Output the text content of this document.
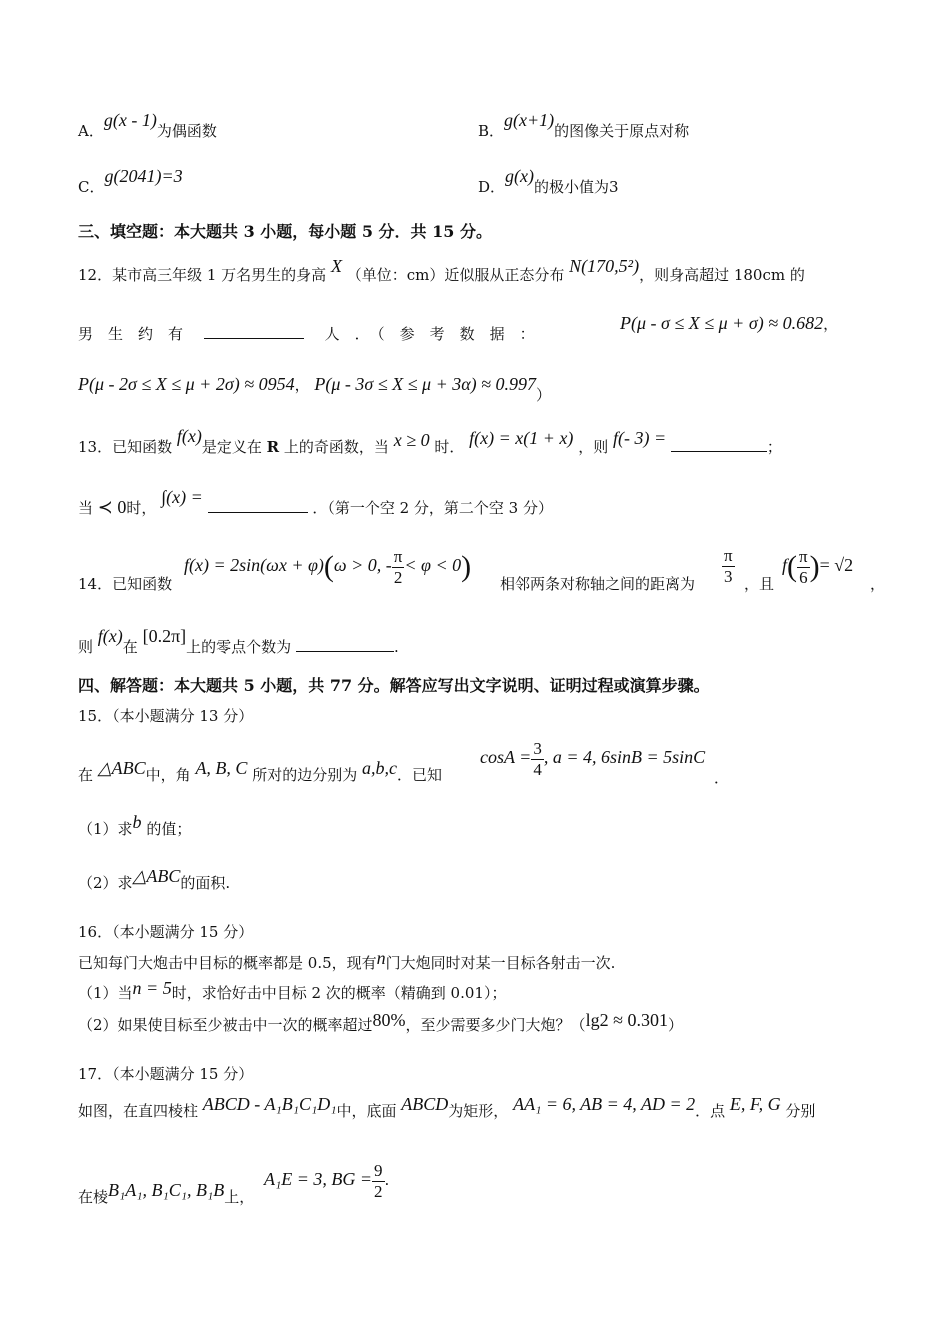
A．g(x - 1)为偶函数	B．g(x+1)的图像关于原点对称
C．g(2041)=3
D．g(x)的极小值为3
三、填空题：本大题共 3 小题，每小题 5 分．共 15 分。
12．某市高三年级 1 万名男生的身高 X （单位：cm）近似服从正态分布 N(170,5²)，则身高超过 180cm 的
男　生　约　有	人　．　（　参　考　数　据　：
P(μ - σ ≤ X ≤ μ + σ) ≈ 0.682，
P(μ - 2σ ≤ X ≤ μ + 2σ) ≈ 0954， P(μ - 3σ ≤ X ≤ μ + 3α) ≈ 0.997）
13．已知函数 f(x)是定义在 R 上的奇函数，当 x ≥ 0 时． f(x) = x(1 + x) ，则 f(- 3) =	；
当 ≺ 0时， ∫(x) =  ．（第一个空 2 分，第二个空 3 分）
14．已知函数
f(x) = 2sin(ωx + φ)(ω > 0, - $\frac{\pi}{2} < \varphi < 0$)
相邻两条对称轴之间的距离为 $\frac{\pi}{3}$ ，且
$f( \frac{\pi}{6}$ )= √2
，
则 f(x)在 [0.2π]上的零点个数为	.
四、解答题：本大题共 5 小题，共 77 分。解答应写出文字说明、证明过程或演算步骤。
15．（本小题满分 13 分）
在 △ABC中，角 A, B, C 所对的边分别为 a,b,c．已知
$\cos A = \frac{3}{4}$ , a = 4, 6sinB = 5sinC
．
（1）求b 的值；
（2）求△ABC的面积.
16．（本小题满分 15 分）
已知每门大炮击中目标的概率都是 0.5，现有n门大炮同时对某一目标各射击一次.
（1）当n = 5时，求恰好击中目标 2 次的概率（精确到 0.01）；
（2）如果使目标至少被击中一次的概率超过80%，至少需要多少门大炮？（lg2 ≈ 0.301）
17．（本小题满分 15 分）
如图，在直四棱柱 ABCD - A₁B₁C₁D₁中，底面 ABCD为矩形， AA₁ = 6, AB = 4, AD = 2．点 E, F, G 分别
在棱B₁A₁, B₁C₁, B₁B上，
A₁E = 3, BG = $\frac{9}{2}$ .
